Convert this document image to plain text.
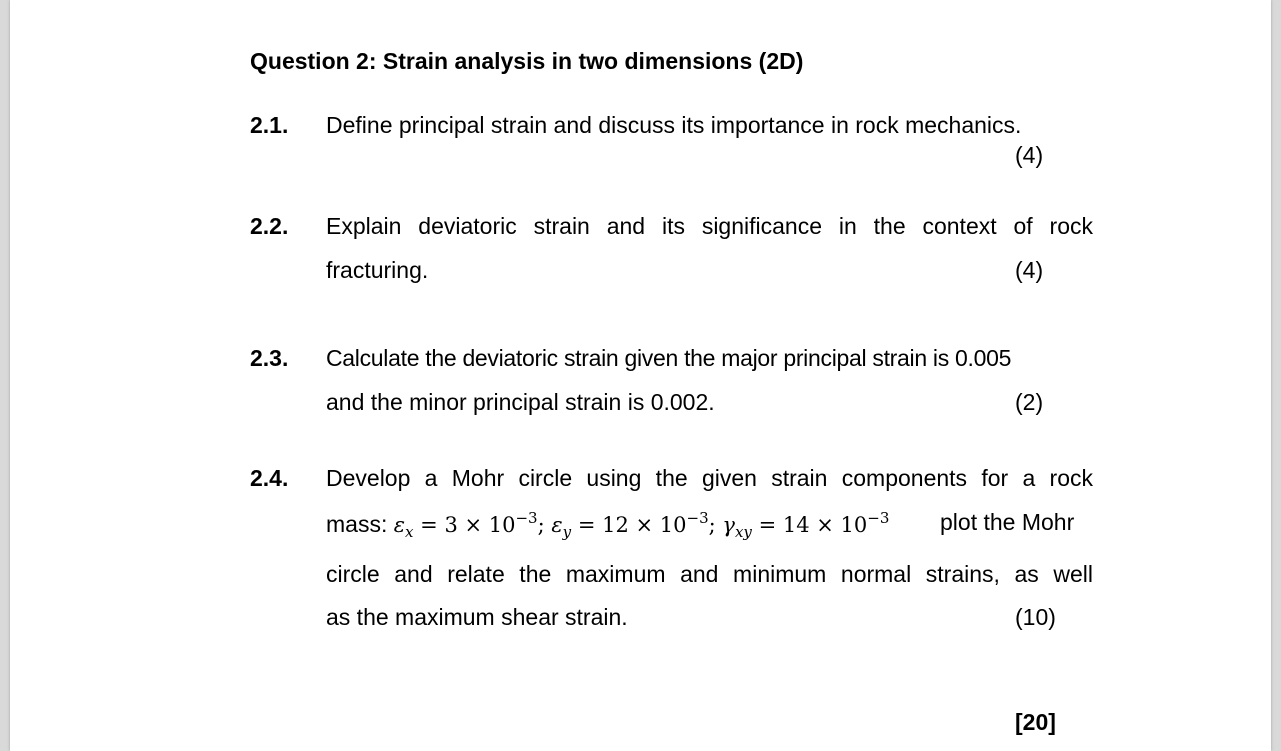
Question 2: Strain analysis in two dimensions (2D)
2.1. Define principal strain and discuss its importance in rock mechanics.
(4)
2.2. Explain deviatoric strain and its significance in the context of rock
fracturing.	(4)
2.3. Calculate the deviatoric strain given the major principal strain is 0.005
and the minor principal strain is 0.002.	(2)
2.4. Develop a Mohr circle using the given strain components for a rock
mass: $\varepsilon_x = 3 \times 10^{-3}$; $\varepsilon_y = 12 \times 10^{-3}$; $\gamma_{xy} = 14 \times 10^{-3}$ plot the Mohr
circle and relate the maximum and minimum normal strains, as well
as the maximum shear strain.	(10)
[20]
